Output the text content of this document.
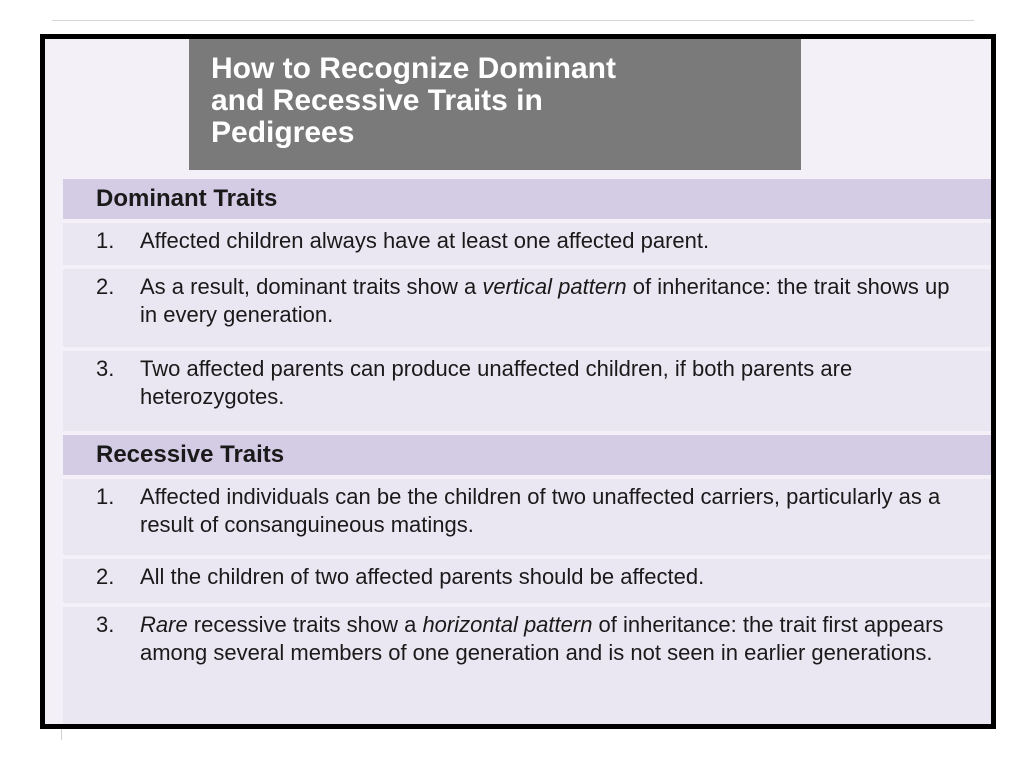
How to Recognize Dominant
and Recessive Traits in
Pedigrees

Dominant Traits
1.	Affected children always have at least one affected parent.
2.	As a result, dominant traits show a vertical pattern of inheritance: the trait shows up in every generation.
3.	Two affected parents can produce unaffected children, if both parents are heterozygotes.
Recessive Traits
1.	Affected individuals can be the children of two unaffected carriers, particularly as a result of consanguineous matings.
2.	All the children of two affected parents should be affected.
3.	Rare recessive traits show a horizontal pattern of inheritance: the trait first appears among several members of one generation and is not seen in earlier generations.
